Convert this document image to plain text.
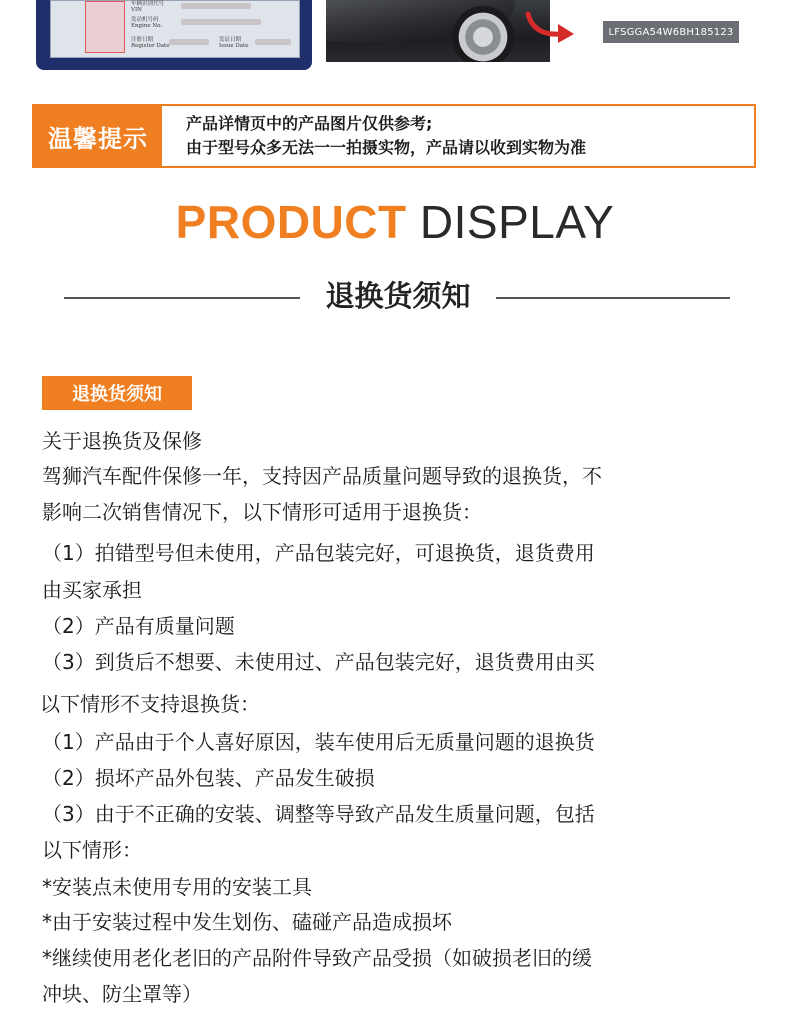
车辆识别代号
VIN
发动机号码
Engine No.
注册日期
Register Date
发证日期
Issue Date
LFSGGA54W6BH185123
温馨提示
产品详情页中的产品图片仅供参考;
由于型号众多无法一一拍摄实物，产品请以收到实物为准
PRODUCT DISPLAY
退换货须知
退换货须知
关于退换货及保修
驾狮汽车配件保修一年，支持因产品质量问题导致的退换货，不
影响二次销售情况下，以下情形可适用于退换货：
（1）拍错型号但未使用，产品包装完好，可退换货，退货费用
由买家承担
（2）产品有质量问题
（3）到货后不想要、未使用过、产品包装完好，退货费用由买
以下情形不支持退换货：
（1）产品由于个人喜好原因，装车使用后无质量问题的退换货
（2）损坏产品外包装、产品发生破损
（3）由于不正确的安装、调整等导致产品发生质量问题，包括
以下情形：
*安装点未使用专用的安装工具
*由于安装过程中发生划伤、磕碰产品造成损坏
*继续使用老化老旧的产品附件导致产品受损（如破损老旧的缓
冲块、防尘罩等）
